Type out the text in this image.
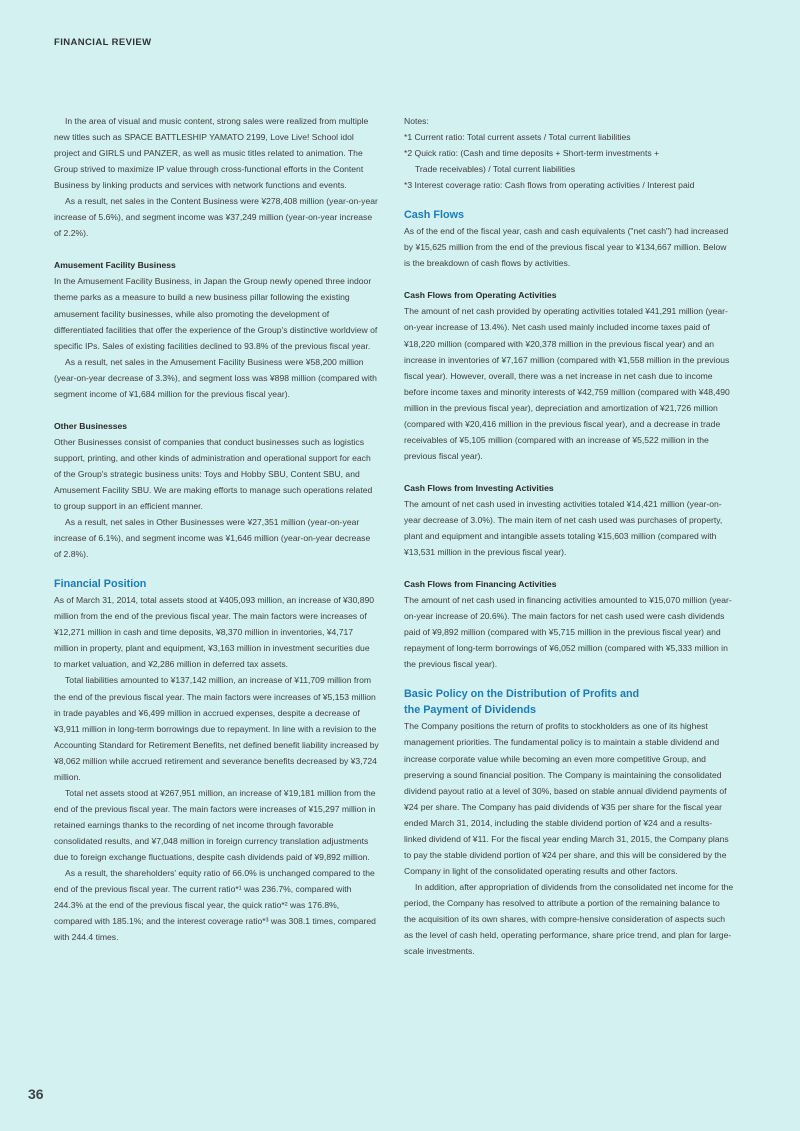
FINANCIAL REVIEW

In the area of visual and music content, strong sales were realized from multiple new titles such as SPACE BATTLESHIP YAMATO 2199, Love Live! School idol project and GIRLS und PANZER, as well as music titles related to animation. The Group strived to maximize IP value through cross-functional efforts in the Content Business by linking products and services with network functions and events.

As a result, net sales in the Content Business were ¥278,408 million (year-on-year increase of 5.6%), and segment income was ¥37,249 million (year-on-year increase of 2.2%).

Amusement Facility Business

In the Amusement Facility Business, in Japan the Group newly opened three indoor theme parks as a measure to build a new business pillar following the existing amusement facility businesses, while also promoting the development of differentiated facilities that offer the experience of the Group's distinctive worldview of specific IPs. Sales of existing facilities declined to 93.8% of the previous fiscal year.

As a result, net sales in the Amusement Facility Business were ¥58,200 million (year-on-year decrease of 3.3%), and segment loss was ¥898 million (compared with segment income of ¥1,684 million for the previous fiscal year).

Other Businesses

Other Businesses consist of companies that conduct businesses such as logistics support, printing, and other kinds of administration and operational support for each of the Group's strategic business units: Toys and Hobby SBU, Content SBU, and Amusement Facility SBU. We are making efforts to manage such operations related to group support in an efficient manner.

As a result, net sales in Other Businesses were ¥27,351 million (year-on-year increase of 6.1%), and segment income was ¥1,646 million (year-on-year decrease of 2.8%).

Financial Position

As of March 31, 2014, total assets stood at ¥405,093 million, an increase of ¥30,890 million from the end of the previous fiscal year. The main factors were increases of ¥12,271 million in cash and time deposits, ¥8,370 million in inventories, ¥4,717 million in property, plant and equipment, ¥3,163 million in investment securities due to market valuation, and ¥2,286 million in deferred tax assets.

Total liabilities amounted to ¥137,142 million, an increase of ¥11,709 million from the end of the previous fiscal year. The main factors were increases of ¥5,153 million in trade payables and ¥6,499 million in accrued expenses, despite a decrease of ¥3,911 million in long-term borrowings due to repayment. In line with a revision to the Accounting Standard for Retirement Benefits, net defined benefit liability increased by ¥8,062 million while accrued retirement and severance benefits decreased by ¥3,724 million.

Total net assets stood at ¥267,951 million, an increase of ¥19,181 million from the end of the previous fiscal year. The main factors were increases of ¥15,297 million in retained earnings thanks to the recording of net income through favorable consolidated results, and ¥7,048 million in foreign currency translation adjustments due to foreign exchange fluctuations, despite cash dividends paid of ¥9,892 million.

As a result, the shareholders' equity ratio of 66.0% is unchanged compared to the end of the previous fiscal year. The current ratio*¹ was 236.7%, compared with 244.3% at the end of the previous fiscal year, the quick ratio*² was 176.8%, compared with 185.1%; and the interest coverage ratio*³ was 308.1 times, compared with 244.4 times.

Notes:

*1 Current ratio: Total current assets / Total current liabilities

*2 Quick ratio: (Cash and time deposits + Short-term investments +

Trade receivables) / Total current liabilities

*3 Interest coverage ratio: Cash flows from operating activities / Interest paid

Cash Flows

As of the end of the fiscal year, cash and cash equivalents ("net cash") had increased by ¥15,625 million from the end of the previous fiscal year to ¥134,667 million. Below is the breakdown of cash flows by activities.

Cash Flows from Operating Activities

The amount of net cash provided by operating activities totaled ¥41,291 million (year-on-year increase of 13.4%). Net cash used mainly included income taxes paid of ¥18,220 million (compared with ¥20,378 million in the previous fiscal year) and an increase in inventories of ¥7,167 million (compared with ¥1,558 million in the previous fiscal year). However, overall, there was a net increase in net cash due to income before income taxes and minority interests of ¥42,759 million (compared with ¥48,490 million in the previous fiscal year), depreciation and amortization of ¥21,726 million (compared with ¥20,416 million in the previous fiscal year), and a decrease in trade receivables of ¥5,105 million (compared with an increase of ¥5,522 million in the previous fiscal year).

Cash Flows from Investing Activities

The amount of net cash used in investing activities totaled ¥14,421 million (year-on-year decrease of 3.0%). The main item of net cash used was purchases of property, plant and equipment and intangible assets totaling ¥15,603 million (compared with ¥13,531 million in the previous fiscal year).

Cash Flows from Financing Activities

The amount of net cash used in financing activities amounted to ¥15,070 million (year-on-year increase of 20.6%). The main factors for net cash used were cash dividends paid of ¥9,892 million (compared with ¥5,715 million in the previous fiscal year) and repayment of long-term borrowings of ¥6,052 million (compared with ¥5,333 million in the previous fiscal year).

Basic Policy on the Distribution of Profits and the Payment of Dividends

The Company positions the return of profits to stockholders as one of its highest management priorities. The fundamental policy is to maintain a stable dividend and increase corporate value while becoming an even more competitive Group, and preserving a sound financial position. The Company is maintaining the consolidated dividend payout ratio at a level of 30%, based on stable annual dividend payments of ¥24 per share. The Company has paid dividends of ¥35 per share for the fiscal year ended March 31, 2014, including the stable dividend portion of ¥24 and a results-linked dividend of ¥11. For the fiscal year ending March 31, 2015, the Company plans to pay the stable dividend portion of ¥24 per share, and this will be considered by the Company in light of the consolidated operating results and other factors.

In addition, after appropriation of dividends from the consolidated net income for the period, the Company has resolved to attribute a portion of the remaining balance to the acquisition of its own shares, with compre-hensive consideration of aspects such as the level of cash held, operating performance, share price trend, and plan for large-scale investments.

36
